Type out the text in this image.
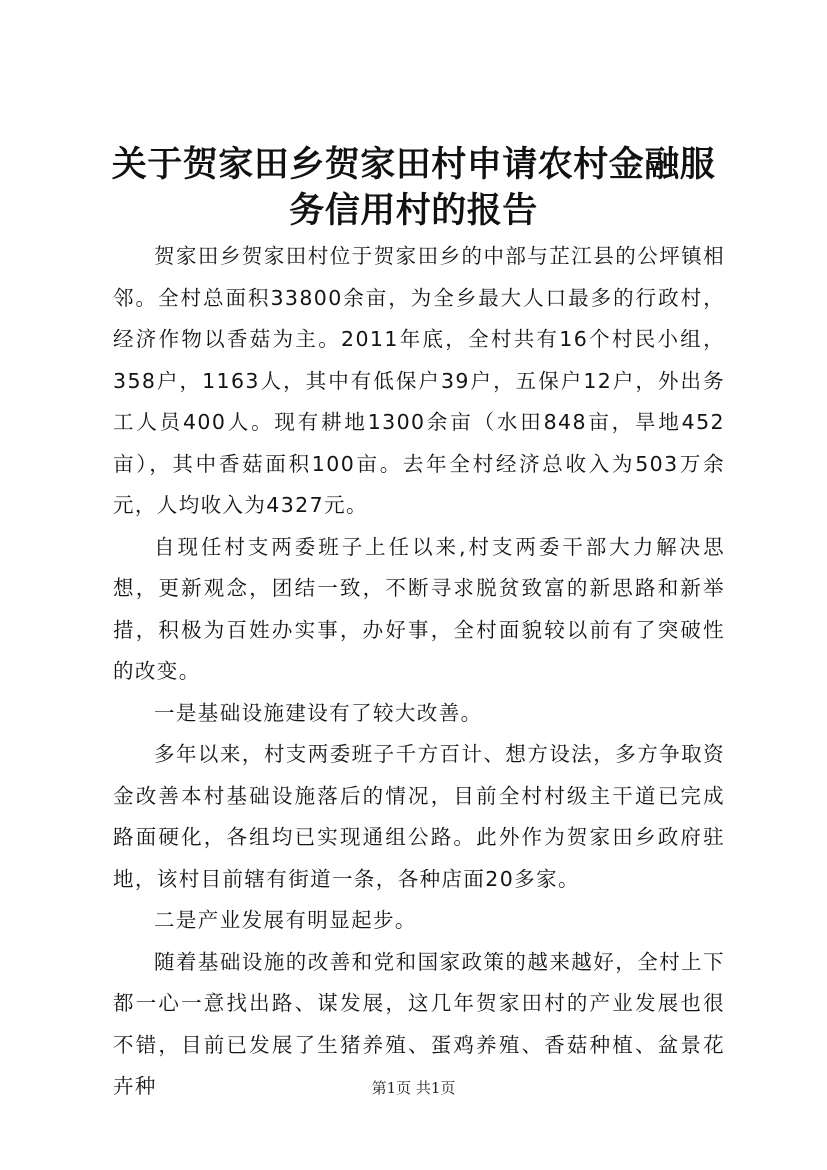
关于贺家田乡贺家田村申请农村金融服务信用村的报告

贺家田乡贺家田村位于贺家田乡的中部与芷江县的公坪镇相邻。全村总面积33800余亩，为全乡最大人口最多的行政村，经济作物以香菇为主。2011年底，全村共有16个村民小组，358户，1163人，其中有低保户39户，五保户12户，外出务工人员400人。现有耕地1300余亩（水田848亩，旱地452亩），其中香菇面积100亩。去年全村经济总收入为503万余元，人均收入为4327元。

自现任村支两委班子上任以来,村支两委干部大力解决思想，更新观念，团结一致，不断寻求脱贫致富的新思路和新举措，积极为百姓办实事，办好事，全村面貌较以前有了突破性的改变。

一是基础设施建设有了较大改善。

多年以来，村支两委班子千方百计、想方设法，多方争取资金改善本村基础设施落后的情况，目前全村村级主干道已完成路面硬化，各组均已实现通组公路。此外作为贺家田乡政府驻地，该村目前辖有街道一条，各种店面20多家。

二是产业发展有明显起步。

随着基础设施的改善和党和国家政策的越来越好，全村上下都一心一意找出路、谋发展，这几年贺家田村的产业发展也很不错，目前已发展了生猪养殖、蛋鸡养殖、香菇种植、盆景花卉种	第1页 共1页
